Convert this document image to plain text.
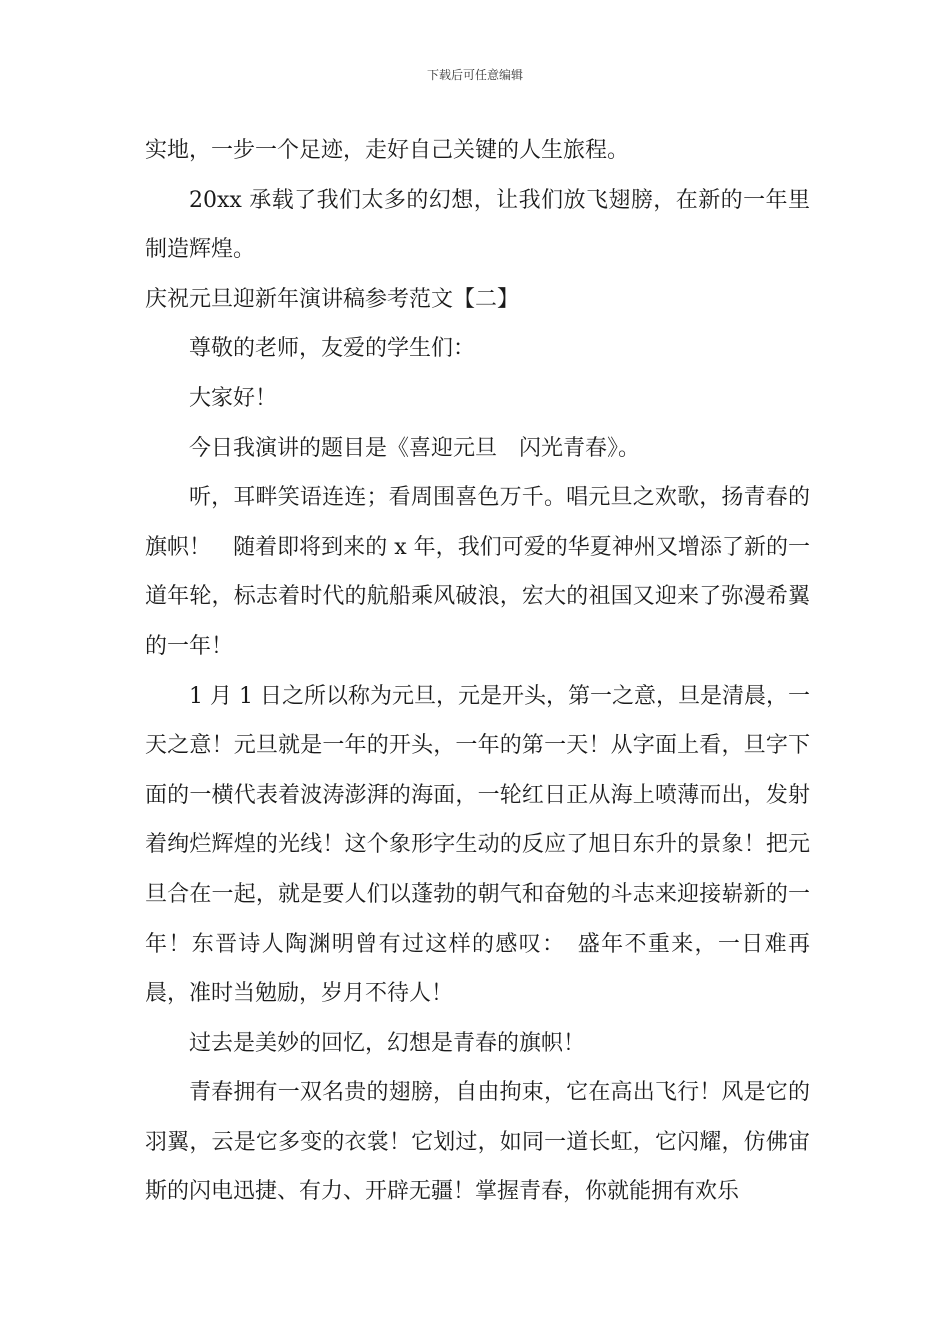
下载后可任意编辑

实地，一步一个足迹，走好自己关键的人生旅程。

20xx 承载了我们太多的幻想，让我们放飞翅膀，在新的一年里制造辉煌。

庆祝元旦迎新年演讲稿参考范文【二】

尊敬的老师，友爱的学生们：

大家好！

今日我演讲的题目是《喜迎元旦　闪光青春》。

听，耳畔笑语连连；看周围喜色万千。唱元旦之欢歌，扬青春的旗帜！　随着即将到来的 x 年，我们可爱的华夏神州又增添了新的一道年轮，标志着时代的航船乘风破浪，宏大的祖国又迎来了弥漫希翼的一年！

1 月 1 日之所以称为元旦，元是开头，第一之意，旦是清晨，一天之意！元旦就是一年的开头，一年的第一天！从字面上看，旦字下面的一横代表着波涛澎湃的海面，一轮红日正从海上喷薄而出，发射着绚烂辉煌的光线！这个象形字生动的反应了旭日东升的景象！把元旦合在一起，就是要人们以蓬勃的朝气和奋勉的斗志来迎接崭新的一年！东晋诗人陶渊明曾有过这样的感叹：　盛年不重来，一日难再晨，准时当勉励，岁月不待人！

过去是美妙的回忆，幻想是青春的旗帜！

青春拥有一双名贵的翅膀，自由拘束，它在高出飞行！风是它的羽翼，云是它多变的衣裳！它划过，如同一道长虹，它闪耀，仿佛宙斯的闪电迅捷、有力、开辟无疆！掌握青春，你就能拥有欢乐
